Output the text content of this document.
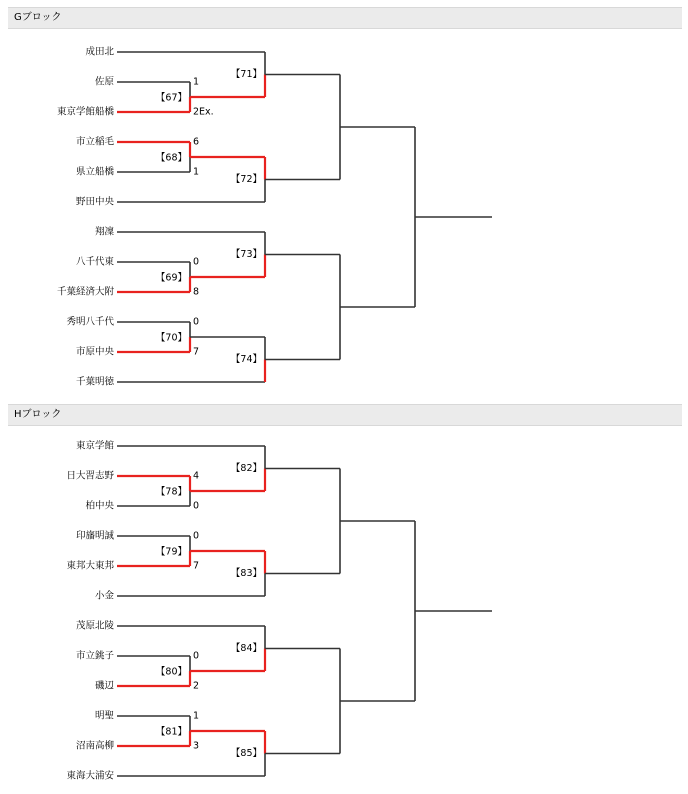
Gブロック
成田北
佐原
東京学館船橋
市立稲毛
県立船橋
野田中央
翔凜
八千代東
千葉経済大附
秀明八千代
市原中央
千葉明徳
1
2Ex.
【67】
【71】
6
1
【68】
【72】
0
8
【69】
【73】
0
7
【70】
【74】
Hブロック
東京学館
日大習志野
柏中央
印旛明誠
東邦大東邦
小金
茂原北陵
市立銚子
磯辺
明聖
沼南高柳
東海大浦安
4
0
【78】
【82】
0
7
【79】
【83】
0
2
【80】
【84】
1
3
【81】
【85】
